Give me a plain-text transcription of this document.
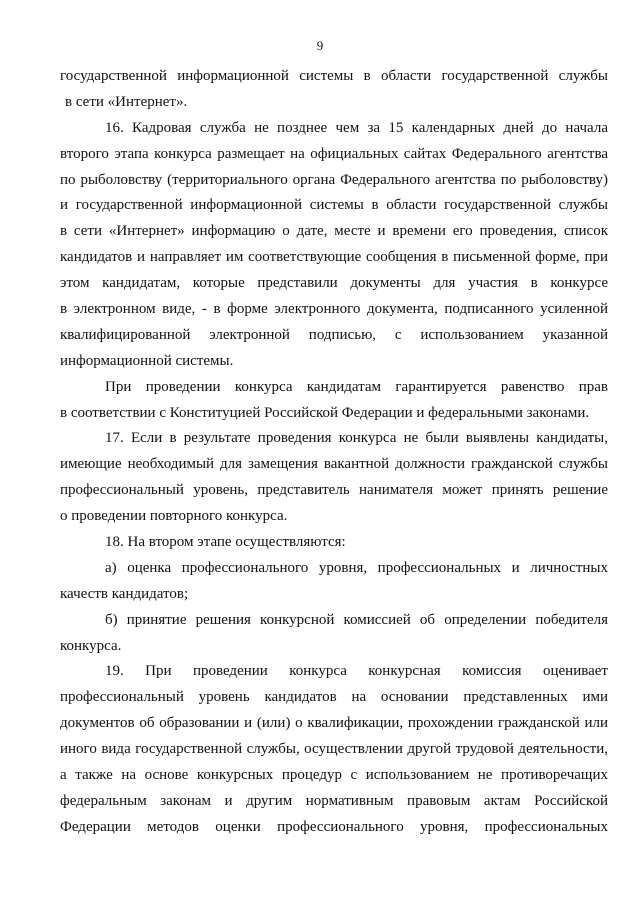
9
государственной информационной системы в области государственной службы
в сети «Интернет».
16. Кадровая служба не позднее чем за 15 календарных дней до начала
второго этапа конкурса размещает на официальных сайтах Федерального агентства
по рыболовству (территориального органа Федерального агентства по рыболовству)
и государственной информационной системы в области государственной службы
в сети «Интернет» информацию о дате, месте и времени его проведения, список
кандидатов и направляет им соответствующие сообщения в письменной форме, при
этом кандидатам, которые представили документы для участия в конкурсе
в электронном виде, - в форме электронного документа, подписанного усиленной
квалифицированной электронной подписью, с использованием указанной
информационной системы.
При проведении конкурса кандидатам гарантируется равенство прав
в соответствии с Конституцией Российской Федерации и федеральными законами.
17. Если в результате проведения конкурса не были выявлены кандидаты,
имеющие необходимый для замещения вакантной должности гражданской службы
профессиональный уровень, представитель нанимателя может принять решение
о проведении повторного конкурса.
18. На втором этапе осуществляются:
а) оценка профессионального уровня, профессиональных и личностных
качеств кандидатов;
б) принятие решения конкурсной комиссией об определении победителя
конкурса.
19. При проведении конкурса конкурсная комиссия оценивает
профессиональный уровень кандидатов на основании представленных ими
документов об образовании и (или) о квалификации, прохождении гражданской или
иного вида государственной службы, осуществлении другой трудовой деятельности,
а также на основе конкурсных процедур с использованием не противоречащих
федеральным законам и другим нормативным правовым актам Российской
Федерации методов оценки профессионального уровня, профессиональных
